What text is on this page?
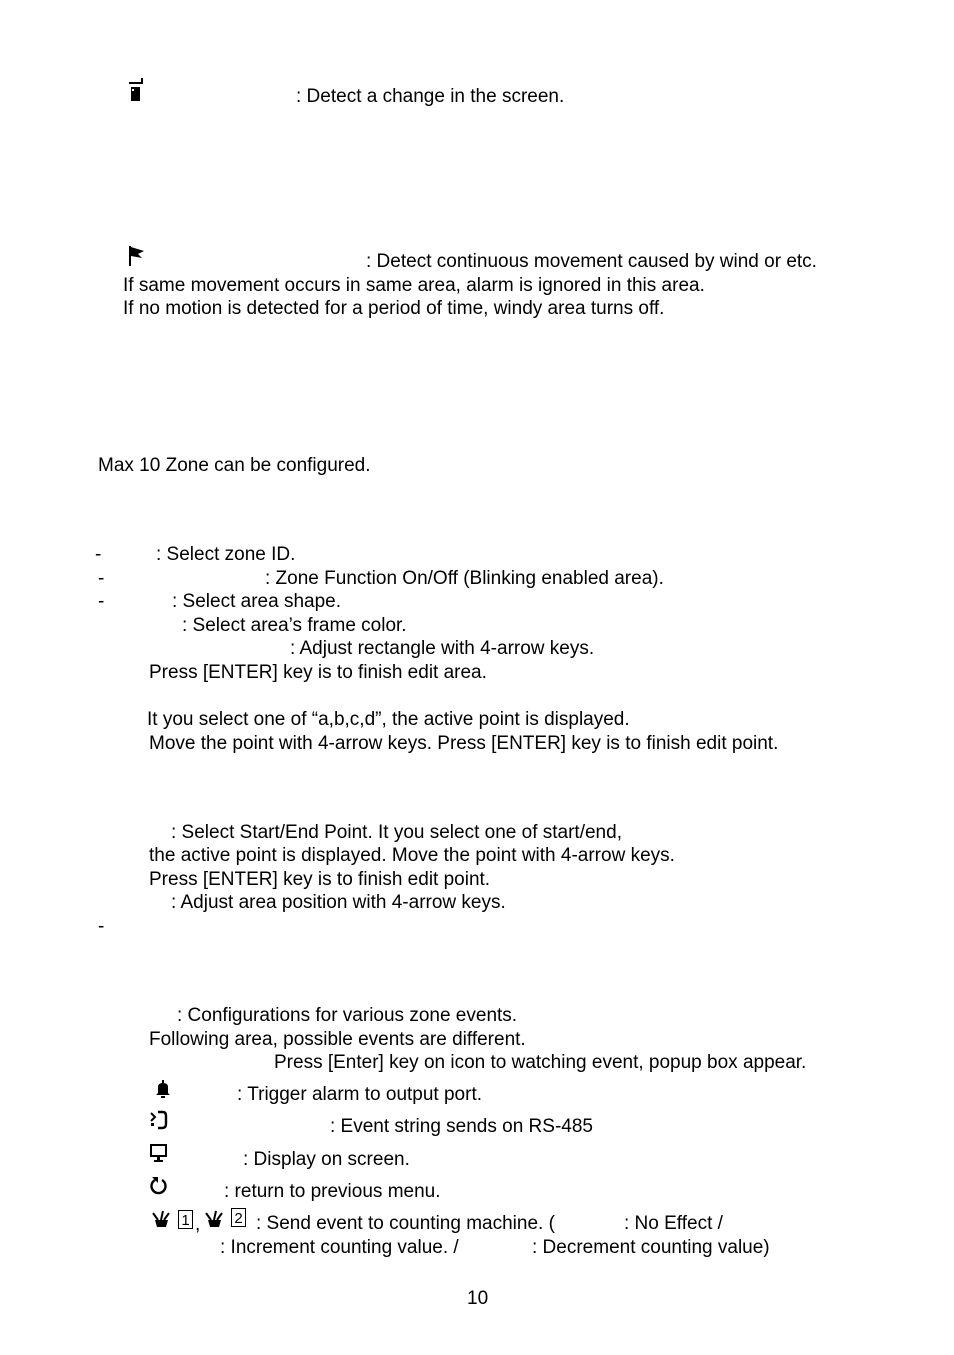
: Detect a change in the screen.
: Detect continuous movement caused by wind or etc.
If same movement occurs in same area, alarm is ignored in this area.
If no motion is detected for a period of time, windy area turns off.
Max 10 Zone can be configured.
-	: Select zone ID.
-	: Zone Function On/Off (Blinking enabled area).
-	: Select area shape.
: Select area’s frame color.
: Adjust rectangle with 4-arrow keys.
Press [ENTER] key is to finish edit area.
It you select one of “a,b,c,d”, the active point is displayed.
Move the point with 4-arrow keys. Press [ENTER] key is to finish edit point.
: Select Start/End Point. It you select one of start/end,
the active point is displayed. Move the point with 4-arrow keys.
Press [ENTER] key is to finish edit point.
: Adjust area position with 4-arrow keys.
-
: Configurations for various zone events.
Following area, possible events are different.
Press [Enter] key on icon to watching event, popup box appear.
: Trigger alarm to output port.
: Event string sends on RS-485
: Display on screen.
: return to previous menu.
1 , 2 : Send event to counting machine. (	: No Effect /
: Increment counting value. /	: Decrement counting value)
10
